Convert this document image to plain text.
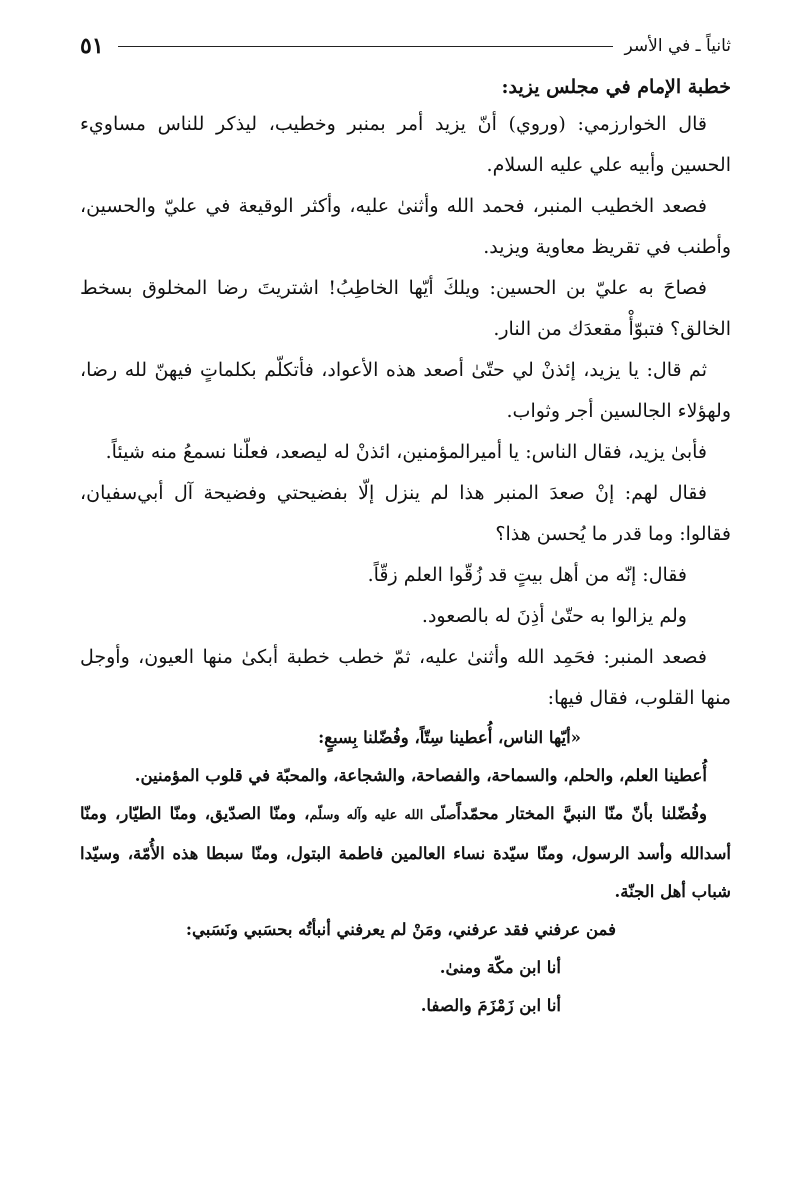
ثانياً ـ في الأسر
٥١

خطبة الإمام في مجلس يزيد:

قال الخوارزمي: (وروي) أنّ يزيد أمر بمنبر وخطيب، ليذكر للناس مساويء الحسين وأبيه علي عليه السلام.

فصعد الخطيب المنبر، فحمد الله وأثنىٰ عليه، وأكثر الوقيعة في عليّ والحسين، وأطنب في تقريظ معاوية ويزيد.

فصاحَ به عليّ بن الحسين: ويلكَ أيّها الخاطِبُ! اشتريتَ رضا المخلوق بسخط الخالق؟ فتبوّأْ مقعدَك من النار.

ثم قال: يا يزيد، إئذنْ لي حتّىٰ أصعد هذه الأعواد، فأتكلّم بكلماتٍ فيهنّ لله رضا، ولهؤلاء الجالسين أجر وثواب.

فأبىٰ يزيد، فقال الناس: يا أميرالمؤمنين، ائذنْ له ليصعد، فعلّنا نسمعُ منه شيئاً.

فقال لهم: إنْ صعدَ المنبر هذا لم ينزل إلّا بفضيحتي وفضيحة آل أبي‌سفيان، فقالوا: وما قدر ما يُحسن هذا؟

فقال: إنّه من أهل بيتٍ قد زُقّوا العلم زقّاً.

ولم يزالوا به حتّىٰ أذِنَ له بالصعود.

فصعد المنبر: فحَمِد الله وأثنىٰ عليه، ثمّ خطب خطبة أبكىٰ منها العيون، وأوجل منها القلوب، فقال فيها:

«أيّها الناس، أُعطينا سِتّاً، وفُضّلنا بِسبعٍ:

أُعطينا العلم، والحلم، والسماحة، والفصاحة، والشجاعة، والمحبّة في قلوب المؤمنين.

وفُضّلنا بأنّ منّا النبيَّ المختار محمّداًصلّى الله عليه وآله وسلّم، ومنّا الصدّيق، ومنّا الطيّار، ومنّا أسدالله وأسد الرسول، ومنّا سيّدة نساء العالمين فاطمة البتول، ومنّا سبطا هذه الأُمّة، وسيّدا شباب أهل الجنّة.

فمن عرفني فقد عرفني، ومَنْ لم يعرفني أنبأتُه بحسَبي ونَسَبي:

أنا ابن مكّة ومنىٰ.

أنا ابن زَمْزَمَ والصفا.
